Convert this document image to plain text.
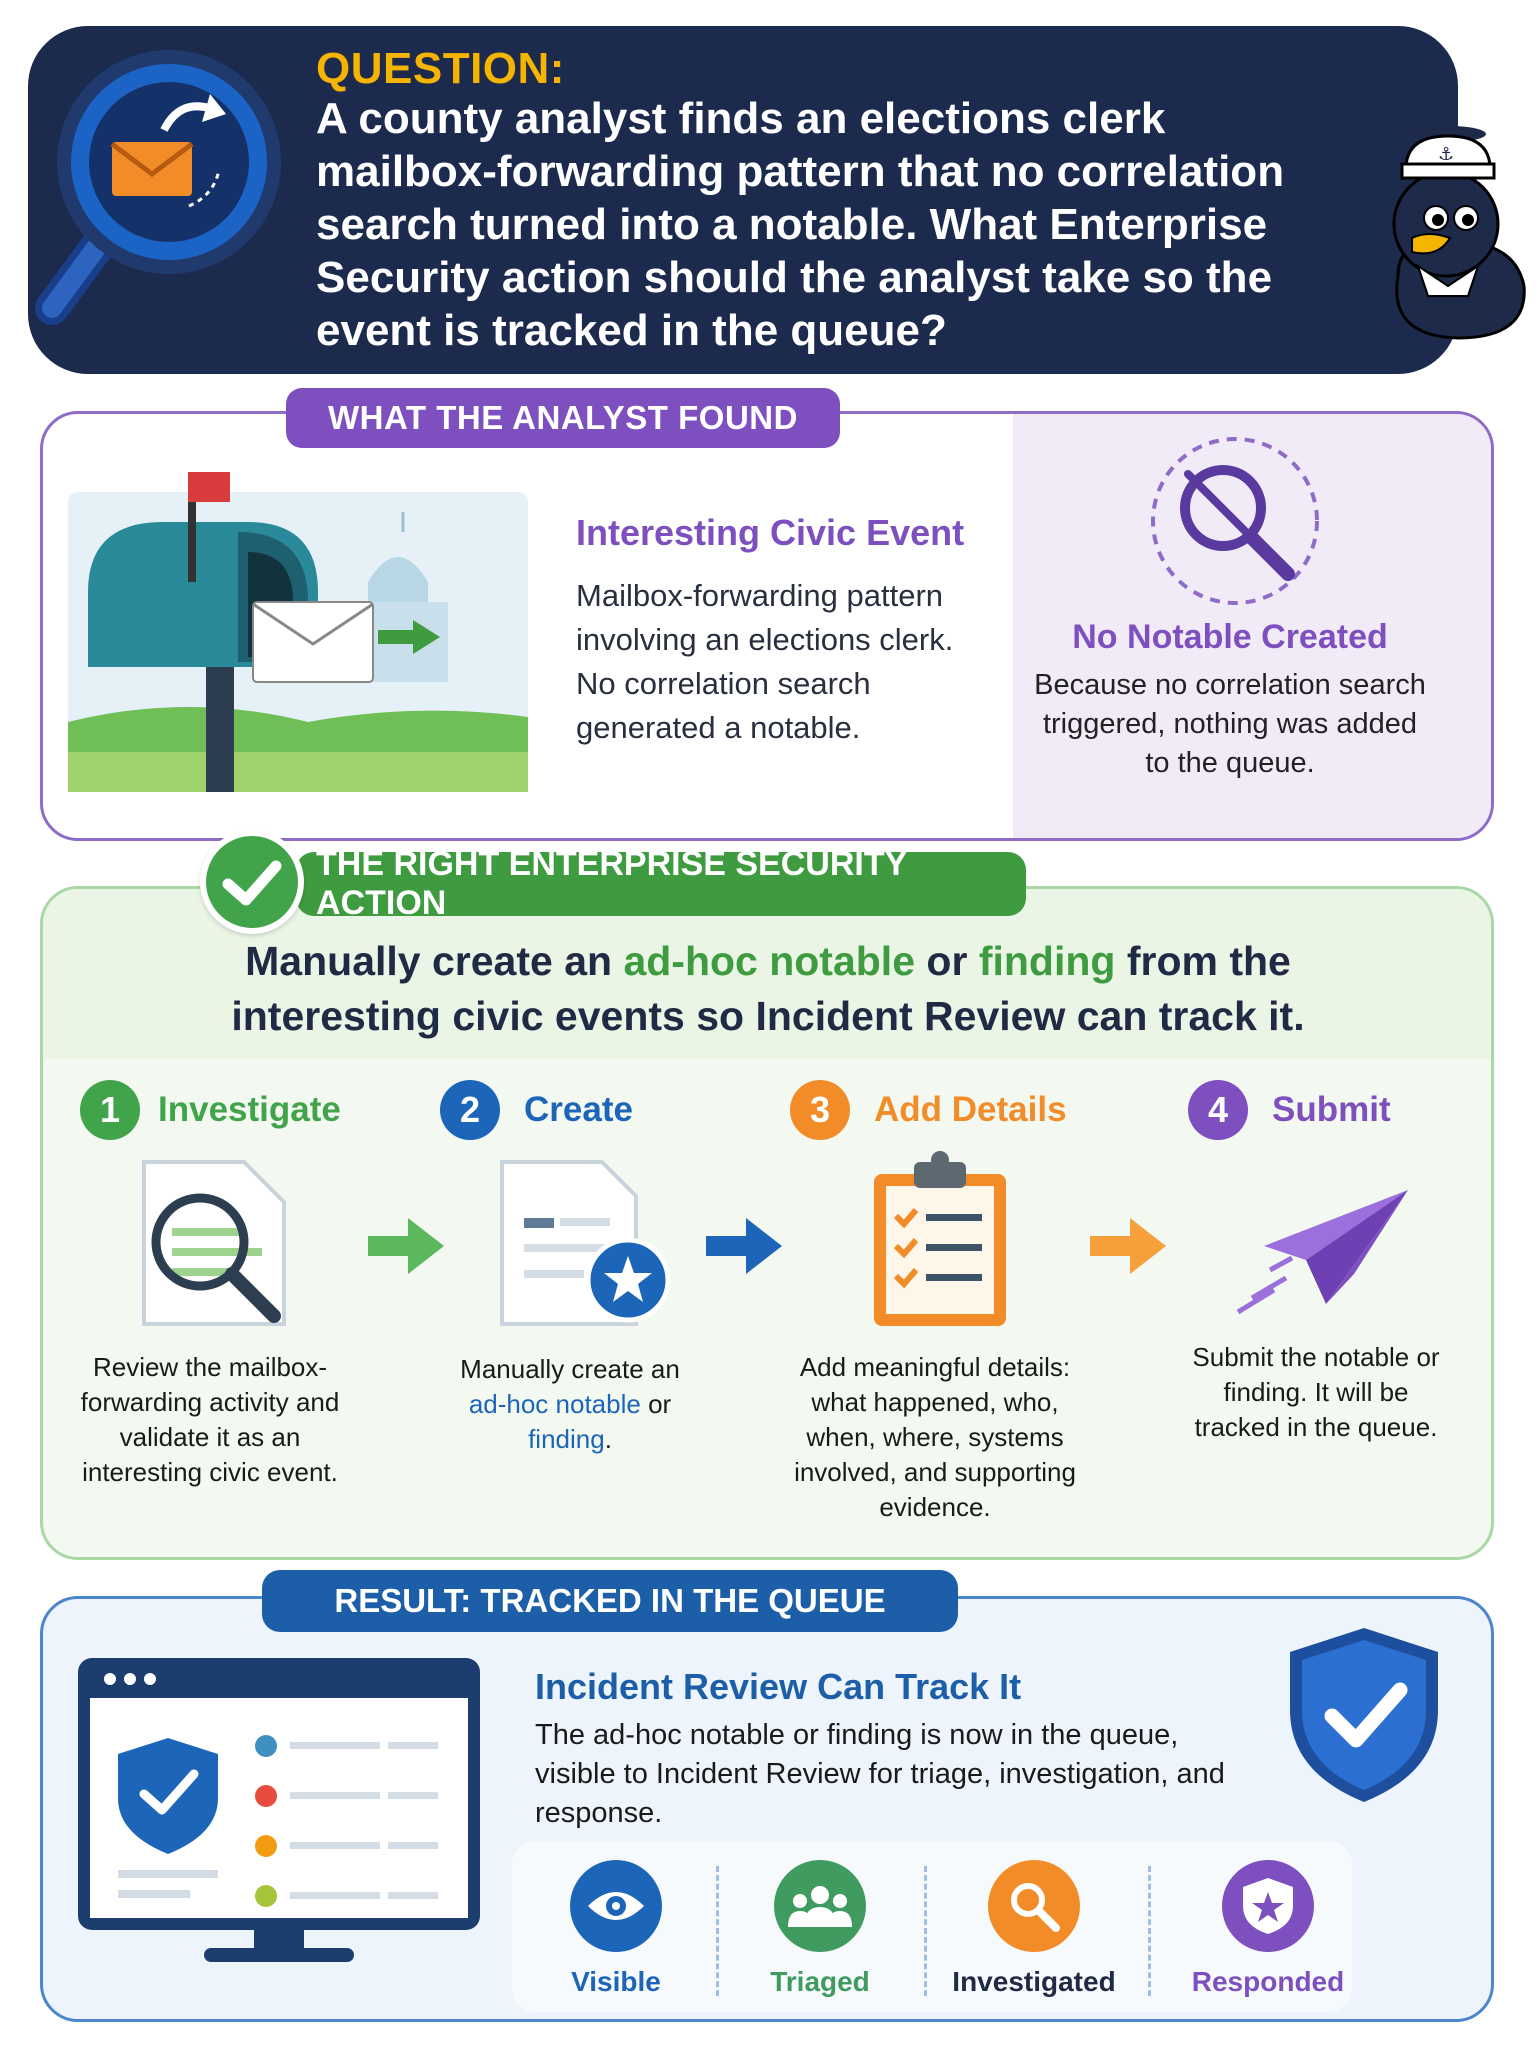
QUESTION:
A county analyst finds an elections clerk mailbox-forwarding pattern that no correlation search turned into a notable. What Enterprise Security action should the analyst take so the event is tracked in the queue?
⚓
WHAT THE ANALYST FOUND
Interesting Civic Event
Mailbox-forwarding pattern involving an elections clerk. No correlation search generated a notable.
No Notable Created
Because no correlation search triggered, nothing was added to the queue.
THE RIGHT ENTERPRISE SECURITY ACTION
Manually create an ad-hoc notable or finding from the
interesting civic events so Incident Review can track it.
1	Investigate
Review the mailbox-forwarding activity and validate it as an interesting civic event.
2	Create
Manually create an ad-hoc notable or finding.
3	Add Details
Add meaningful details: what happened, who, when, where, systems involved, and supporting evidence.
4	Submit
Submit the notable or finding. It will be tracked in the queue.
RESULT: TRACKED IN THE QUEUE
Incident Review Can Track It
The ad-hoc notable or finding is now in the queue, visible to Incident Review for triage, investigation, and response.
Visible	Triaged	Investigated	Responded
